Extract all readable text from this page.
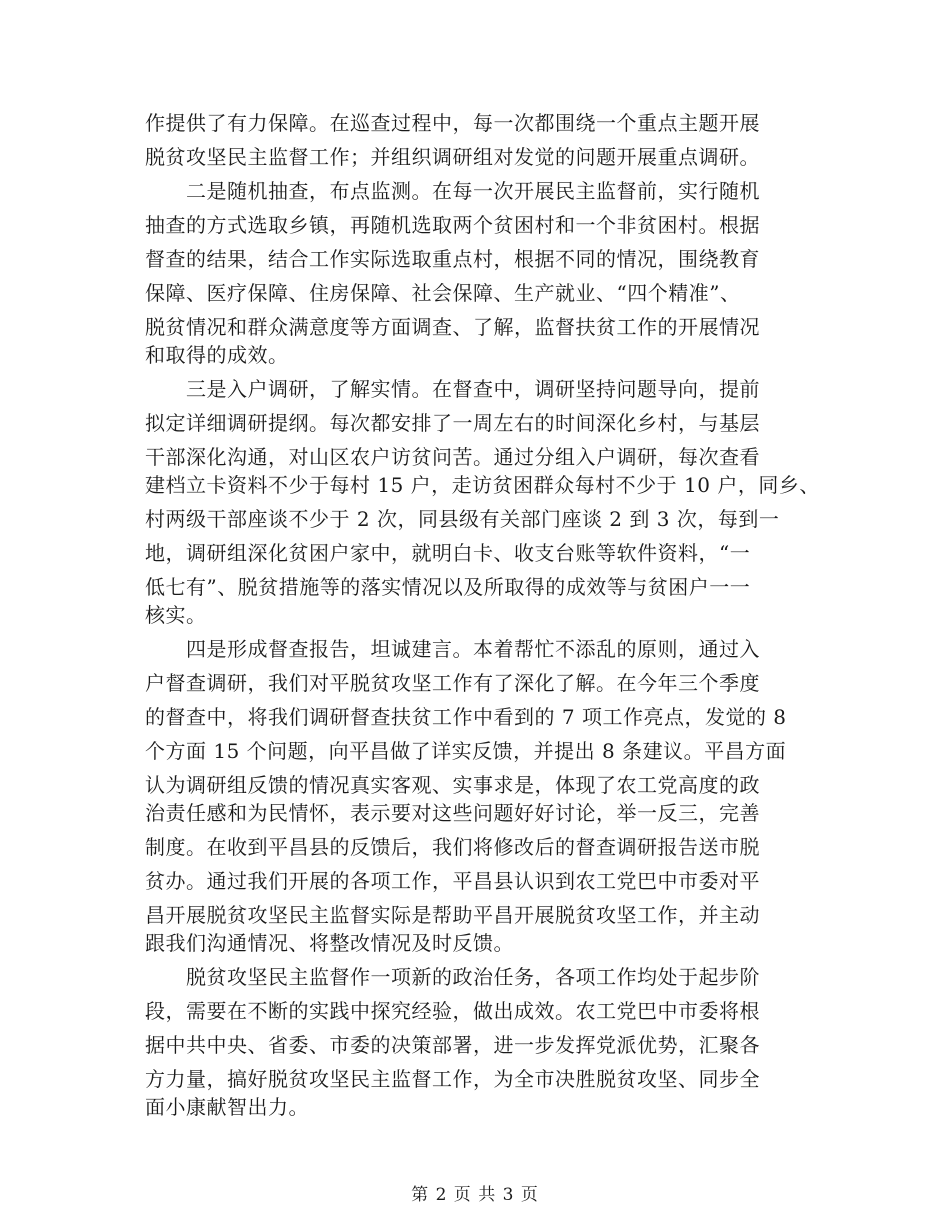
作提供了有力保障。在巡查过程中，每一次都围绕一个重点主题开展
脱贫攻坚民主监督工作；并组织调研组对发觉的问题开展重点调研。
二是随机抽查，布点监测。在每一次开展民主监督前，实行随机
抽查的方式选取乡镇，再随机选取两个贫困村和一个非贫困村。根据
督查的结果，结合工作实际选取重点村，根据不同的情况，围绕教育
保障、医疗保障、住房保障、社会保障、生产就业、“四个精准”、
脱贫情况和群众满意度等方面调查、了解，监督扶贫工作的开展情况
和取得的成效。
三是入户调研，了解实情。在督查中，调研坚持问题导向，提前
拟定详细调研提纲。每次都安排了一周左右的时间深化乡村，与基层
干部深化沟通，对山区农户访贫问苦。通过分组入户调研，每次查看
建档立卡资料不少于每村 15 户，走访贫困群众每村不少于 10 户，同乡、
村两级干部座谈不少于 2 次，同县级有关部门座谈 2 到 3 次，每到一
地，调研组深化贫困户家中，就明白卡、收支台账等软件资料，“一
低七有”、脱贫措施等的落实情况以及所取得的成效等与贫困户一一
核实。
四是形成督查报告，坦诚建言。本着帮忙不添乱的原则，通过入
户督查调研，我们对平脱贫攻坚工作有了深化了解。在今年三个季度
的督查中，将我们调研督查扶贫工作中看到的 7 项工作亮点，发觉的 8
个方面 15 个问题，向平昌做了详实反馈，并提出 8 条建议。平昌方面
认为调研组反馈的情况真实客观、实事求是，体现了农工党高度的政
治责任感和为民情怀，表示要对这些问题好好讨论，举一反三，完善
制度。在收到平昌县的反馈后，我们将修改后的督查调研报告送市脱
贫办。通过我们开展的各项工作，平昌县认识到农工党巴中市委对平
昌开展脱贫攻坚民主监督实际是帮助平昌开展脱贫攻坚工作，并主动
跟我们沟通情况、将整改情况及时反馈。
脱贫攻坚民主监督作一项新的政治任务，各项工作均处于起步阶
段，需要在不断的实践中探究经验，做出成效。农工党巴中市委将根
据中共中央、省委、市委的决策部署，进一步发挥党派优势，汇聚各
方力量，搞好脱贫攻坚民主监督工作，为全市决胜脱贫攻坚、同步全
面小康献智出力。
第 2 页 共 3 页
